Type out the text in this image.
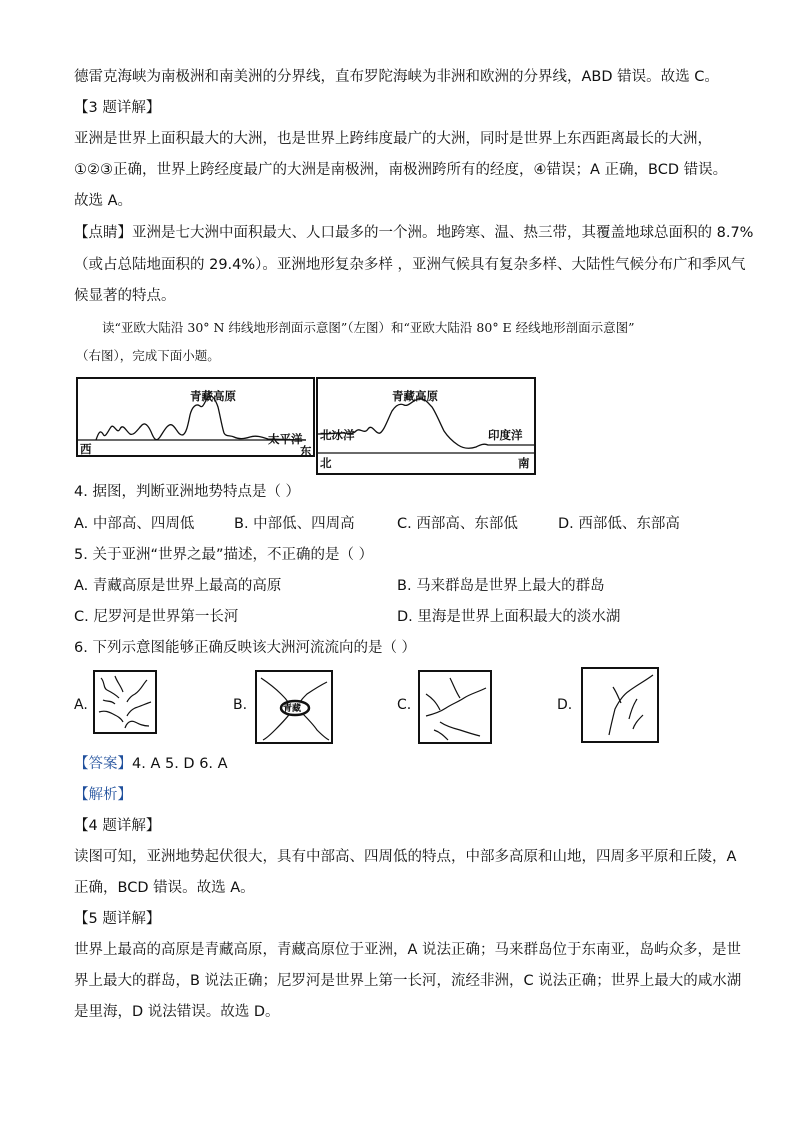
德雷克海峡为南极洲和南美洲的分界线，直布罗陀海峡为非洲和欧洲的分界线，ABD 错误。故选 C。
【3 题详解】
亚洲是世界上面积最大的大洲，也是世界上跨纬度最广的大洲，同时是世界上东西距离最长的大洲，
①②③正确，世界上跨经度最广的大洲是南极洲，南极洲跨所有的经度，④错误；A 正确，BCD 错误。
故选 A。
【点睛】亚洲是七大洲中面积最大、人口最多的一个洲。地跨寒、温、热三带，其覆盖地球总面积的 8.7%
（或占总陆地面积的 29.4%）。亚洲地形复杂多样 ，亚洲气候具有复杂多样、大陆性气候分布广和季风气
候显著的特点。
读“亚欧大陆沿 30° N 纬线地形剖面示意图”（左图）和“亚欧大陆沿 80° E 经线地形剖面示意图”
（右图），完成下面小题。
青藏高原
太平洋
西	东
青藏高原
北冰洋	印度洋
北	南
4. 据图，判断亚洲地势特点是（ ）
A. 中部高、四周低	B. 中部低、四周高	C. 西部高、东部低	D. 西部低、东部高
5. 关于亚洲“世界之最”描述，不正确的是（ ）
A. 青藏高原是世界上最高的高原	B. 马来群岛是世界上最大的群岛
C. 尼罗河是世界第一长河	D. 里海是世界上面积最大的淡水湖
6. 下列示意图能够正确反映该大洲河流流向的是（ ）
A.	B.	青藏	C.	D.
【答案】4. A 5. D 6. A
【解析】
【4 题详解】
读图可知，亚洲地势起伏很大，具有中部高、四周低的特点，中部多高原和山地，四周多平原和丘陵，A
正确，BCD 错误。故选 A。
【5 题详解】
世界上最高的高原是青藏高原，青藏高原位于亚洲，A 说法正确；马来群岛位于东南亚，岛屿众多，是世
界上最大的群岛，B 说法正确；尼罗河是世界上第一长河，流经非洲，C 说法正确；世界上最大的咸水湖
是里海，D 说法错误。故选 D。
